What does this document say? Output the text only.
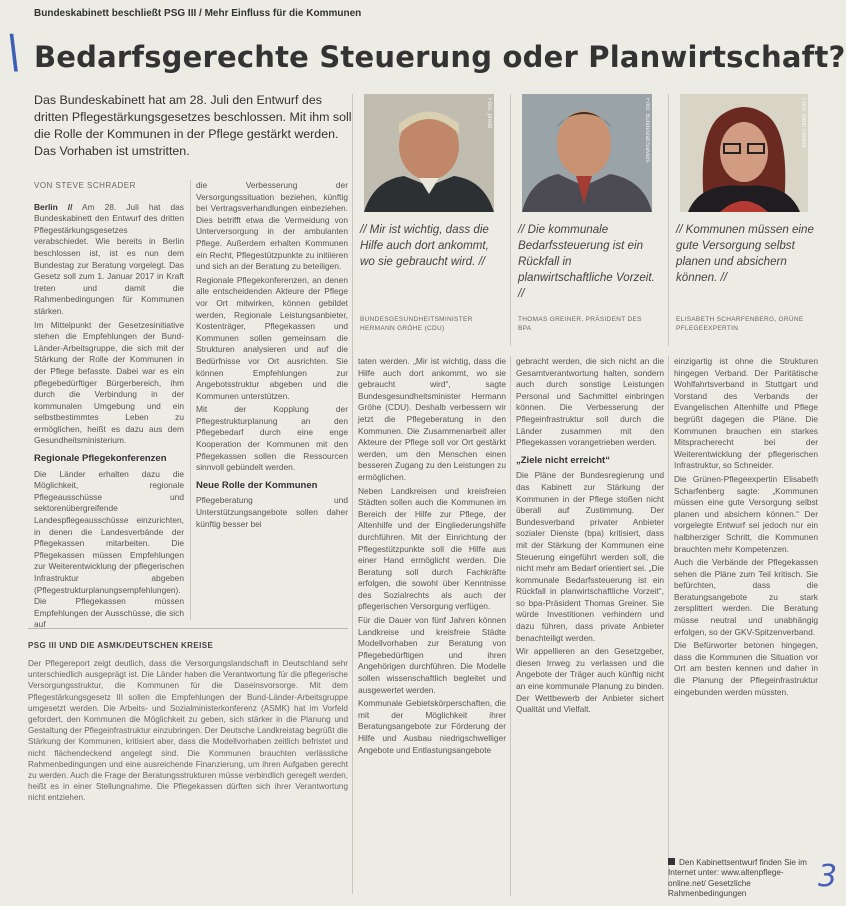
Bundeskabinett beschließt PSG III / Mehr Einfluss für die Kommunen
\ Bedarfsgerechte Steuerung oder Planwirtschaft?

Das Bundeskabinett hat am 28. Juli den Entwurf des dritten Pflegestärkungsgesetzes beschlossen. Mit ihm soll die Rolle der Kommunen in der Pflege gestärkt werden. Das Vorhaben ist umstritten.

VON STEVE SCHRADER

Berlin // Am 28. Juli hat das Bundeskabinett den Entwurf des dritten Pflegestärkungsgesetzes verabschiedet. Wie bereits in Berlin beschlossen ist, ist es nun dem Bundestag zur Beratung vorgelegt. Das Gesetz soll zum 1. Januar 2017 in Kraft treten und damit die Rahmenbedingungen für Kommunen stärken.

Im Mittelpunkt der Gesetzesinitiative stehen die Empfehlungen der Bund-Länder-Arbeitsgruppe, die sich mit der Stärkung der Rolle der Kommunen in der Pflege befasste. Dabei war es ein pflegebedürftiger Bürgerbereich, ihm durch die Verbindung in der kommunalen Umgebung und ein selbstbestimmtes Leben zu ermöglichen, heißt es dazu aus dem Gesundheitsministerium.

Regionale Pflegekonferenzen

Die Länder erhalten dazu die Möglichkeit, regionale Pflegeausschüsse und sektorenübergreifende Landespflegeausschüsse einzurichten, in denen die Landesverbände der Pflegekassen mitarbeiten. Die Pflegekassen müssen Empfehlungen zur Weiterentwicklung der pflegerischen Infrastruktur abgeben (Pflegestrukturplanungsempfehlungen). Die Pflegekassen müssen Empfehlungen der Ausschüsse, die sich auf

die Verbesserung der Versorgungssituation beziehen, künftig bei Vertragsverhandlungen einbeziehen. Dies betrifft etwa die Vermeidung von Unterversorgung in der ambulanten Pflege. Außerdem erhalten Kommunen ein Recht, Pflegestützpunkte zu initiieren und sich an der Beratung zu beteiligen.

Regionale Pflegekonferenzen, an denen alle entscheidenden Akteure der Pflege vor Ort mitwirken, können gebildet werden, Regionale Leistungsanbieter, Kostenträger, Pflegekassen und Kommunen sollen gemeinsam die Strukturen analysieren und auf die Bedürfnisse vor Ort ausrichten. Sie können Empfehlungen zur Angebotsstruktur abgeben und die Kommunen unterstützen.

Mit der Kopplung der Pflegestrukturplanung an den Pflegebedarf durch eine enge Kooperation der Kommunen mit den Pflegekassen sollen die Ressourcen sinnvoll gebündelt werden.

Neue Rolle der Kommunen

Pflegeberatung und Unterstützungsangebote sollen daher künftig besser bei

Foto: privat	Foto: Bundesrat/Sievers	Foto: Steffi Penner

// Mir ist wichtig, dass die Hilfe auch dort ankommt, wo sie gebraucht wird. //

BUNDESGESUNDHEITSMINISTER HERMANN GRÖHE (CDU)

// Die kommunale Bedarfssteuerung ist ein Rückfall in planwirtschaftliche Vorzeit. //

THOMAS GREINER, PRÄSIDENT DES BPA

// Kommunen müssen eine gute Versorgung selbst planen und absichern können. //

ELISABETH SCHARFENBERG, GRÜNE PFLEGEEXPERTIN

taten werden. „Mir ist wichtig, dass die Hilfe auch dort ankommt, wo sie gebraucht wird“, sagte Bundesgesundheitsminister Hermann Gröhe (CDU). Deshalb verbessern wir jetzt die Pflegeberatung in den Kommunen. Die Zusammenarbeit aller Akteure der Pflege soll vor Ort gestärkt werden, um den Menschen einen besseren Zugang zu den Leistungen zu ermöglichen.

Neben Landkreisen und kreisfreien Städten sollen auch die Kommunen im Bereich der Hilfe zur Pflege, der Altenhilfe und der Eingliederungshilfe durchführen. Mit der Einrichtung der Pflegestützpunkte soll die Hilfe aus einer Hand ermöglicht werden. Die Beratung soll durch Fachkräfte erfolgen, die sowohl über Kenntnisse des Sozialrechts als auch der pflegerischen Versorgung verfügen.

Für die Dauer von fünf Jahren können Landkreise und kreisfreie Städte Modellvorhaben zur Beratung von Pflegebedürftigen und ihren Angehörigen durchführen. Die Modelle sollen wissenschaftlich begleitet und ausgewertet werden.

Kommunale Gebietskörperschaften, die mit der Möglichkeit ihrer Beratungsangebote zur Förderung der Hilfe und Ausbau niedrigschwelliger Angebote und Entlastungsangebote

gebracht werden, die sich nicht an die Gesamtverantwortung halten, sondern auch durch sonstige Leistungen Personal und Sachmittel einbringen können. Die Verbesserung der Pflegeinfrastruktur soll durch die Länder zusammen mit den Pflegekassen vorangetrieben werden.

„Ziele nicht erreicht“

Die Pläne der Bundesregierung und das Kabinett zur Stärkung der Kommunen in der Pflege stoßen nicht überall auf Zustimmung. Der Bundesverband privater Anbieter sozialer Dienste (bpa) kritisiert, dass mit der Stärkung der Kommunen eine Steuerung eingeführt werden soll, die nicht mehr am Bedarf orientiert sei. „Die kommunale Bedarfssteuerung ist ein Rückfall in planwirtschaftliche Vorzeit“, so bpa-Präsident Thomas Greiner. Sie würde Investitionen verhindern und dazu führen, dass private Anbieter benachteiligt werden.

Wir appellieren an den Gesetzgeber, diesen Irrweg zu verlassen und die Angebote der Träger auch künftig nicht an eine kommunale Planung zu binden. Der Wettbewerb der Anbieter sichert Qualität und Vielfalt.

einzigartig ist ohne die Strukturen hingegen Verband. Der Paritätische Wohlfahrtsverband in Stuttgart und Vorstand des Verbands der Evangelischen Altenhilfe und Pflege begrüßt dagegen die Pläne. Die Kommunen brauchen ein starkes Mitspracherecht bei der Weiterentwicklung der pflegerischen Infrastruktur, so Schneider.

Die Grünen-Pflegeexpertin Elisabeth Scharfenberg sagte: „Kommunen müssen eine gute Versorgung selbst planen und absichern können.“ Der vorgelegte Entwurf sei jedoch nur ein halbherziger Schritt, die Kommunen brauchten mehr Kompetenzen.

Auch die Verbände der Pflegekassen sehen die Pläne zum Teil kritisch. Sie befürchten, dass die Beratungsangebote zu stark zersplittert werden. Die Beratung müsse neutral und unabhängig erfolgen, so der GKV-Spitzenverband.

Die Befürworter betonen hingegen, dass die Kommunen die Situation vor Ort am besten kennen und daher in die Planung der Pflegeinfrastruktur eingebunden werden müssten.

PSG III UND DIE ASMK/DEUTSCHEN KREISE

Der Pflegereport zeigt deutlich, dass die Versorgungslandschaft in Deutschland sehr unterschiedlich ausgeprägt ist. Die Länder haben die Verantwortung für die pflegerische Versorgungsstruktur, die Kommunen für die Daseinsvorsorge. Mit dem Pflegestärkungsgesetz III sollen die Empfehlungen der Bund-Länder-Arbeitsgruppe umgesetzt werden. Die Arbeits- und Sozialministerkonferenz (ASMK) hat im Vorfeld gefordert, den Kommunen die Möglichkeit zu geben, sich stärker in die Planung und Gestaltung der Pflegeinfrastruktur einzubringen. Der Deutsche Landkreistag begrüßt die Stärkung der Kommunen, kritisiert aber, dass die Modellvorhaben zeitlich befristet und nicht flächendeckend angelegt sind. Die Kommunen brauchten verlässliche Rahmenbedingungen und eine ausreichende Finanzierung, um ihren Aufgaben gerecht zu werden. Auch die Frage der Beratungsstrukturen müsse verbindlich geregelt werden, heißt es in einer Stellungnahme. Die Pflegekassen dürften sich ihrer Verantwortung nicht entziehen.

Den Kabinettsentwurf finden Sie im Internet unter: www.altenpflege-online.net/ Gesetzliche Rahmenbedingungen	3
